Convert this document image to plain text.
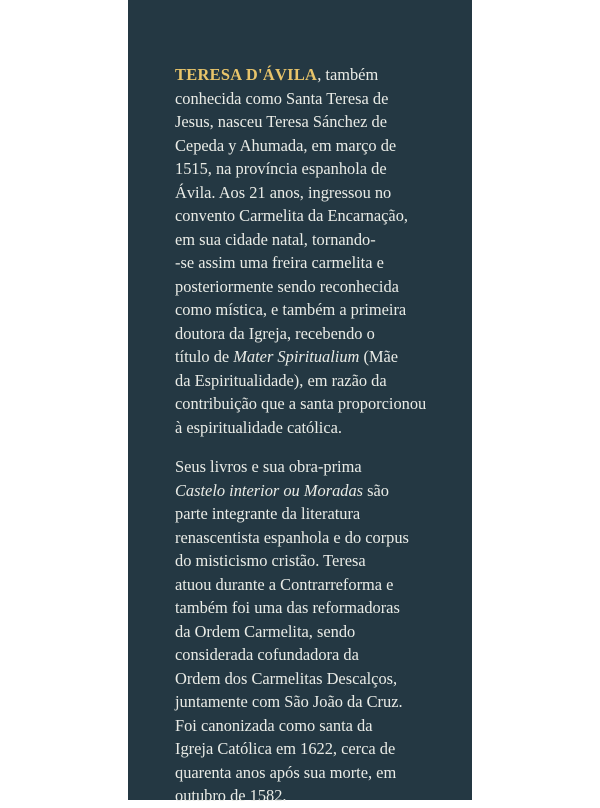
TERESA D'ÁVILA, também
conhecida como Santa Teresa de
Jesus, nasceu Teresa Sánchez de
Cepeda y Ahumada, em março de
1515, na província espanhola de
Ávila. Aos 21 anos, ingressou no
convento Carmelita da Encarnação,
em sua cidade natal, tornando-
-se assim uma freira carmelita e
posteriormente sendo reconhecida
como mística, e também a primeira
doutora da Igreja, recebendo o
título de Mater Spiritualium (Mãe
da Espiritualidade), em razão da
contribuição que a santa proporcionou
à espiritualidade católica.
Seus livros e sua obra-prima
Castelo interior ou Moradas são
parte integrante da literatura
renascentista espanhola e do corpus
do misticismo cristão. Teresa
atuou durante a Contrarreforma e
também foi uma das reformadoras
da Ordem Carmelita, sendo
considerada cofundadora da
Ordem dos Carmelitas Descalços,
juntamente com São João da Cruz.
Foi canonizada como santa da
Igreja Católica em 1622, cerca de
quarenta anos após sua morte, em
outubro de 1582.
